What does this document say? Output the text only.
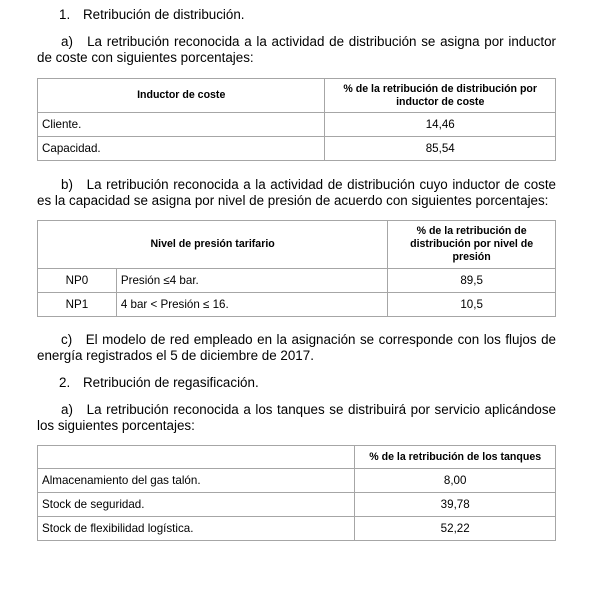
1. Retribución de distribución.
a) La retribución reconocida a la actividad de distribución se asigna por inductor de coste con siguientes porcentajes:
Inductor de coste	% de la retribución de distribución por inductor de coste
Cliente.	14,46
Capacidad.	85,54
b) La retribución reconocida a la actividad de distribución cuyo inductor de coste es la capacidad se asigna por nivel de presión de acuerdo con siguientes porcentajes:
Nivel de presión tarifario		% de la retribución de distribución por nivel de presión
NP0	Presión ≤4 bar.	89,5
NP1	4 bar < Presión ≤ 16.	10,5
c) El modelo de red empleado en la asignación se corresponde con los flujos de energía registrados el 5 de diciembre de 2017.
2. Retribución de regasificación.
a) La retribución reconocida a los tanques se distribuirá por servicio aplicándose los siguientes porcentajes:
	% de la retribución de los tanques
Almacenamiento del gas talón.	8,00
Stock de seguridad.	39,78
Stock de flexibilidad logística.	52,22
